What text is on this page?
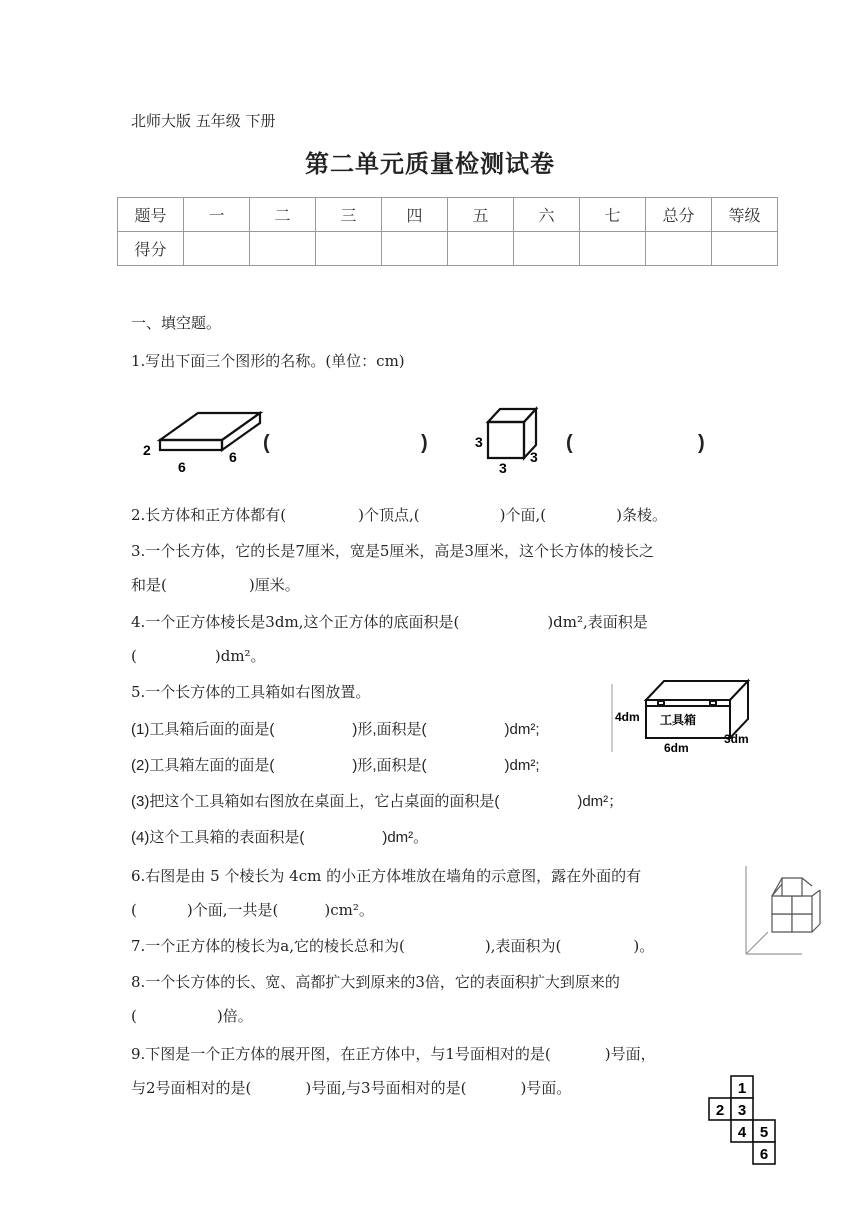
北师大版 五年级 下册
第二单元质量检测试卷
题号	一	二	三	四	五	六	七	总分	等级
得分									
一、填空题。
1.写出下面三个图形的名称。(单位：cm)
2
6
6
(	)	3
3
3
(	)
2.长方体和正方体都有(	)个顶点,(	)个面,(	)条棱。
3.一个长方体，它的长是7厘米，宽是5厘米，高是3厘米，这个长方体的棱长之
和是(	)厘米。
4.一个正方体棱长是3dm,这个正方体的底面积是(	)dm²,表面积是
(	)dm²。
5.一个长方体的工具箱如右图放置。
(1)工具箱后面的面是(	)形,面积是(	)dm²;
(2)工具箱左面的面是(	)形,面积是(	)dm²;
(3)把这个工具箱如右图放在桌面上，它占桌面的面积是(	)dm²；
(4)这个工具箱的表面积是(	)dm²。
工具箱
4dm
6dm
3dm
6.右图是由 5 个棱长为 4cm 的小正方体堆放在墙角的示意图，露在外面的有
(	)个面,一共是(	)cm²。
7.一个正方体的棱长为a,它的棱长总和为(	),表面积为(	)。
8.一个长方体的长、宽、高都扩大到原来的3倍，它的表面积扩大到原来的
(	)倍。
9.下图是一个正方体的展开图，在正方体中，与1号面相对的是(	)号面，
与2号面相对的是(	)号面,与3号面相对的是(	)号面。	1
2 3
4 5
6
